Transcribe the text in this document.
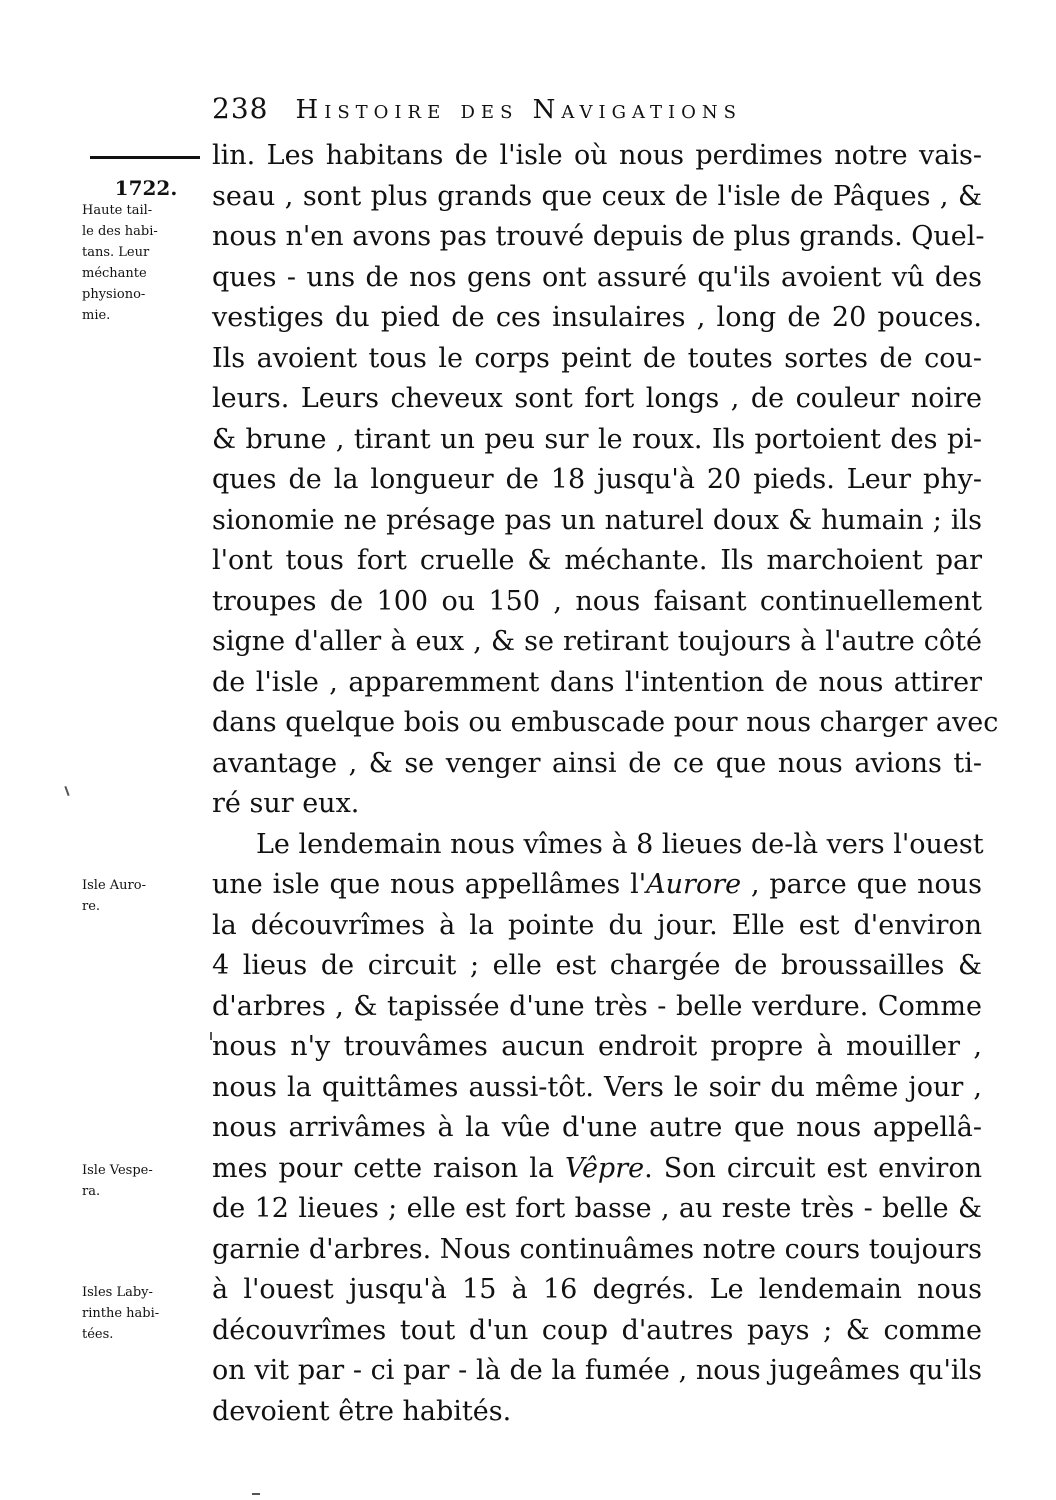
238 Histoire des Navigations
1722.
Haute tail-
le des habi-
tans. Leur
méchante
physiono-
mie.
Isle Auro-
re.
Isle Vespe-
ra.
Isles Laby-
rinthe habi-
tées.
lin. Les habitans de l'isle où nous perdimes notre vais-
seau , sont plus grands que ceux de l'isle de Pâques , &
nous n'en avons pas trouvé depuis de plus grands. Quel-
ques - uns de nos gens ont assuré qu'ils avoient vû des
vestiges du pied de ces insulaires , long de 20 pouces.
Ils avoient tous le corps peint de toutes sortes de cou-
leurs. Leurs cheveux sont fort longs , de couleur noire
& brune , tirant un peu sur le roux. Ils portoient des pi-
ques de la longueur de 18 jusqu'à 20 pieds. Leur phy-
sionomie ne présage pas un naturel doux & humain ; ils
l'ont tous fort cruelle & méchante. Ils marchoient par
troupes de 100 ou 150 , nous faisant continuellement
signe d'aller à eux , & se retirant toujours à l'autre côté
de l'isle , apparemment dans l'intention de nous attirer
dans quelque bois ou embuscade pour nous charger avec
avantage , & se venger ainsi de ce que nous avions ti-
ré sur eux.
Le lendemain nous vîmes à 8 lieues de-là vers l'ouest
une isle que nous appellâmes l'Aurore , parce que nous
la découvrîmes à la pointe du jour. Elle est d'environ
4 lieus de circuit ; elle est chargée de broussailles &
d'arbres , & tapissée d'une très - belle verdure. Comme
nous n'y trouvâmes aucun endroit propre à mouiller ,
nous la quittâmes aussi-tôt. Vers le soir du même jour ,
nous arrivâmes à la vûe d'une autre que nous appellâ-
mes pour cette raison la Vêpre. Son circuit est environ
de 12 lieues ; elle est fort basse , au reste très - belle &
garnie d'arbres. Nous continuâmes notre cours toujours
à l'ouest jusqu'à 15 à 16 degrés. Le lendemain nous
découvrîmes tout d'un coup d'autres pays ; & comme
on vit par - ci par - là de la fumée , nous jugeâmes qu'ils
devoient être habités.
